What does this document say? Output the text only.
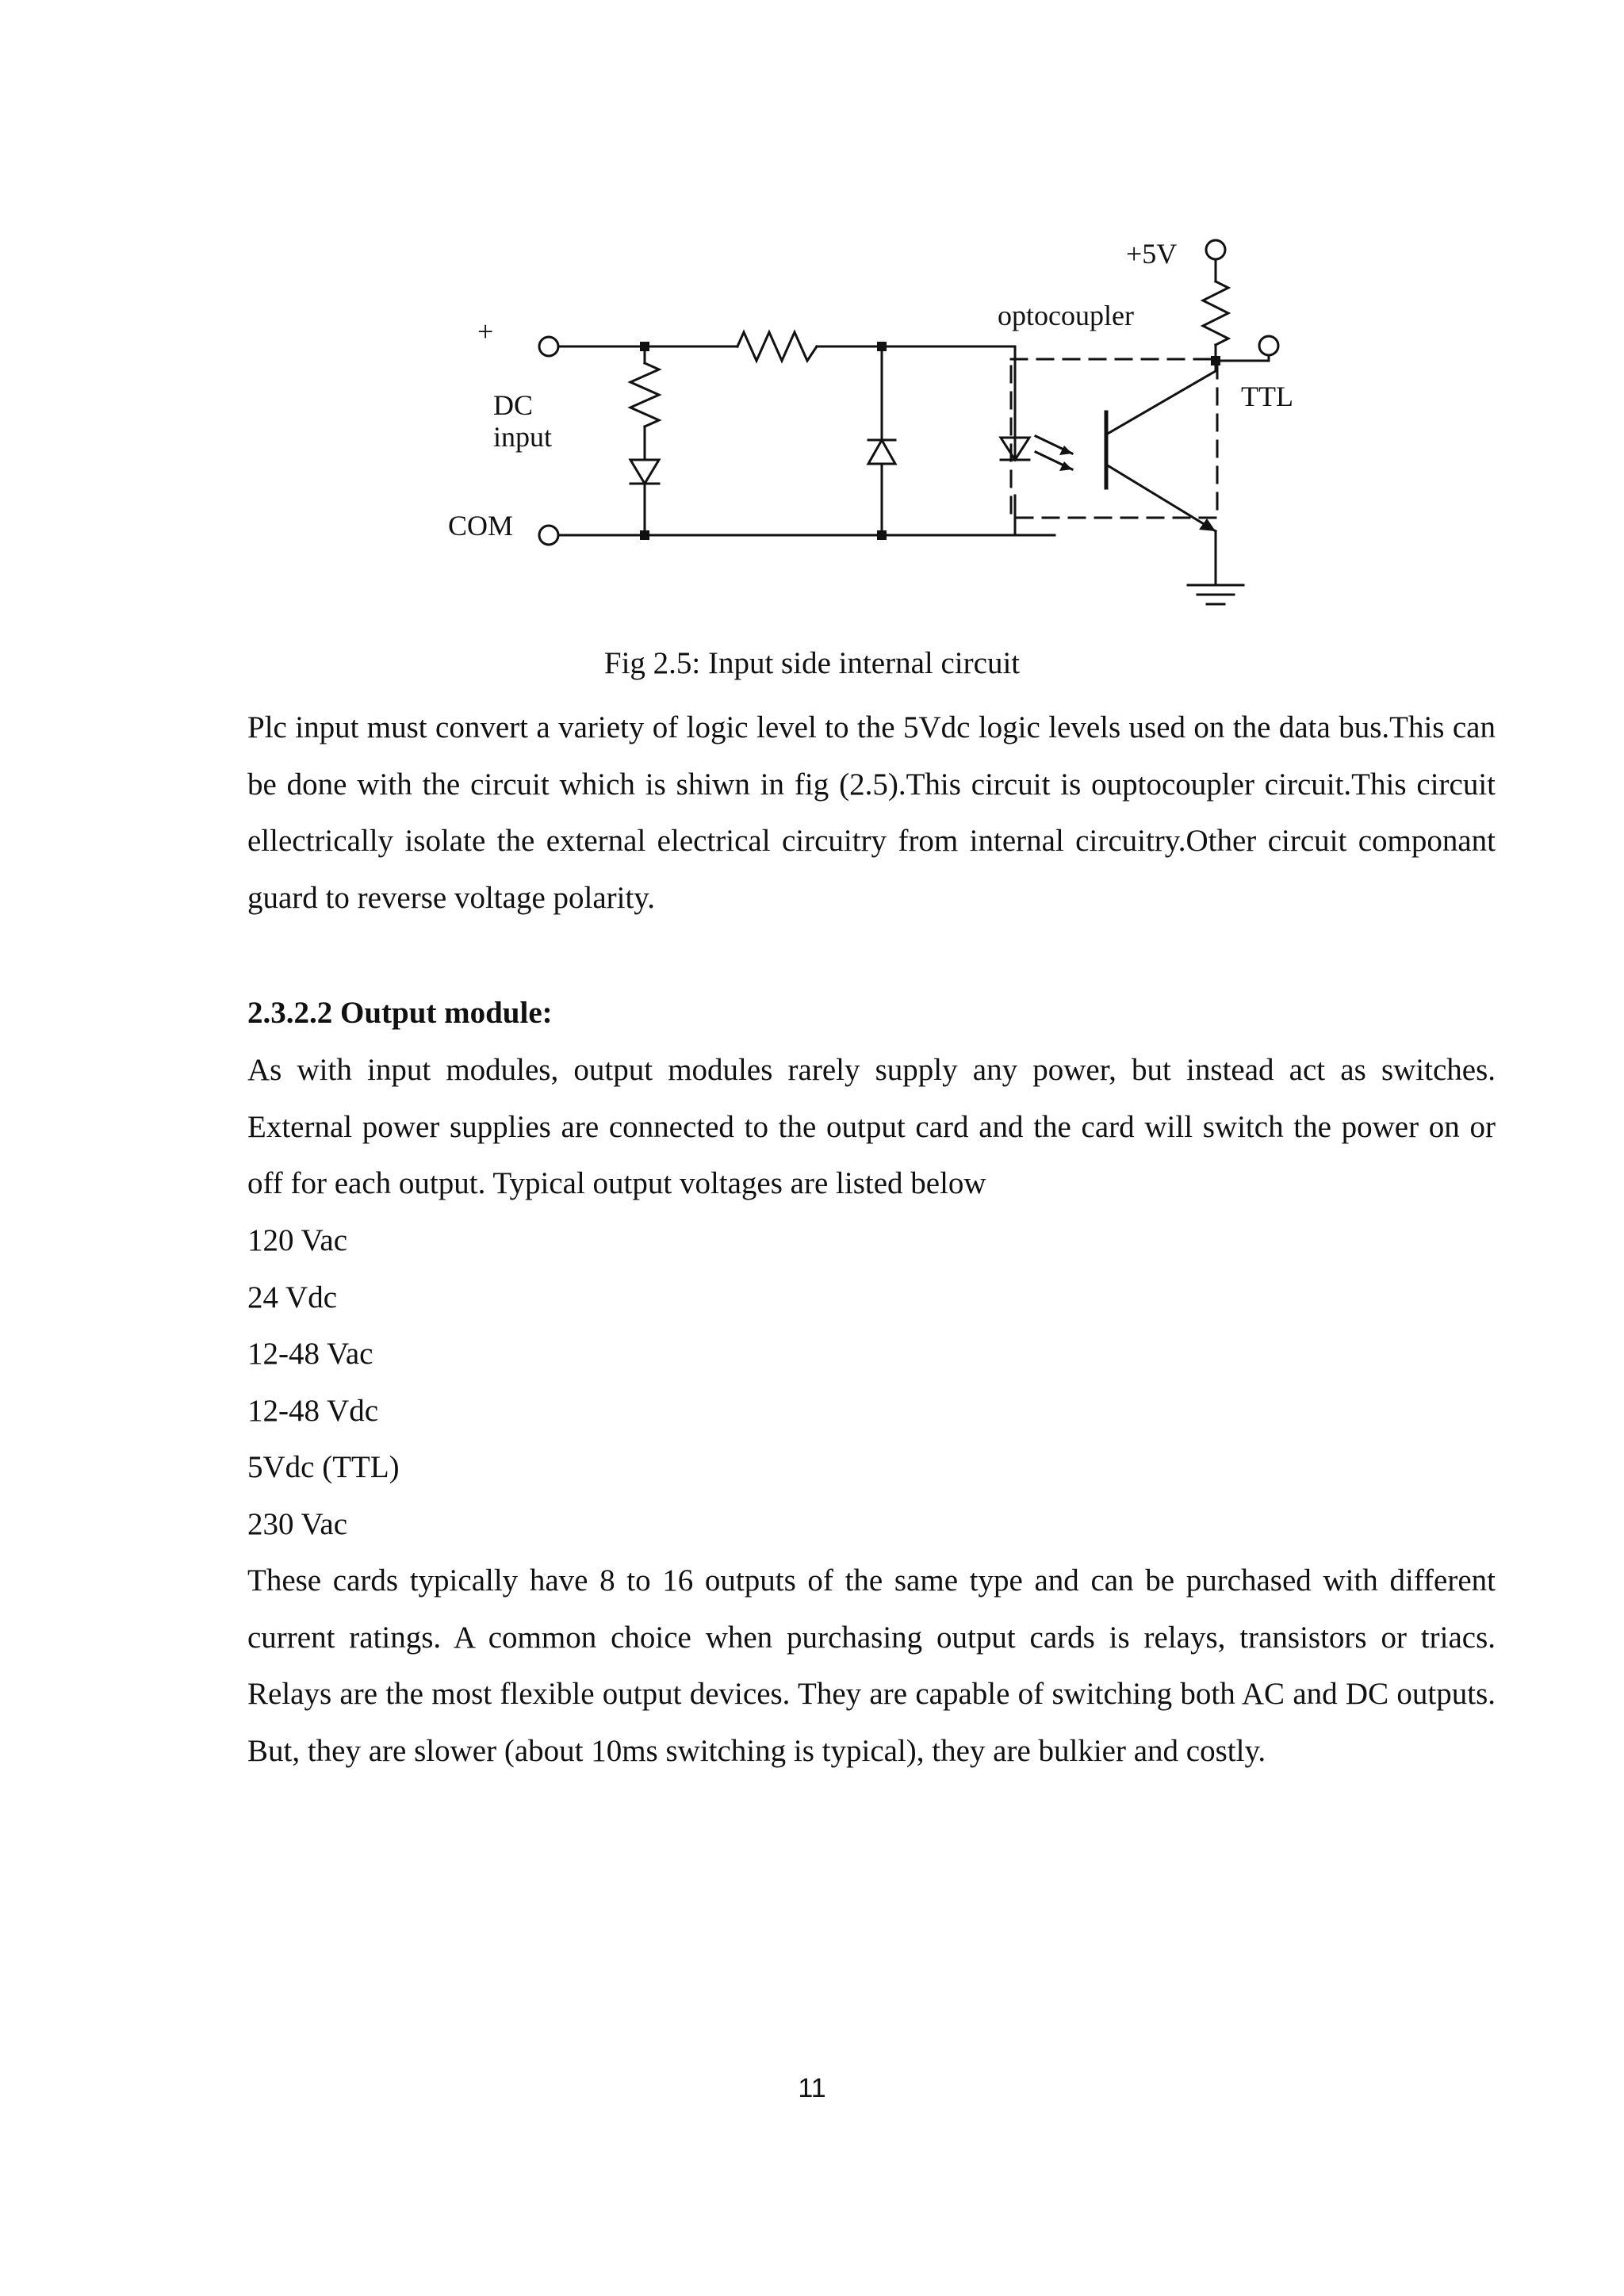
+
DC
input
COM
optocoupler
+5V
TTL
Fig 2.5: Input side internal circuit

Plc input must convert a variety of logic level to the 5Vdc logic levels used on the data bus.This can be done with the circuit which is shiwn in fig (2.5).This circuit is ouptocoupler circuit.This circuit ellectrically isolate the external electrical circuitry from internal circuitry.Other circuit componant guard to reverse voltage polarity.

2.3.2.2 Output module:

As with input modules, output modules rarely supply any power, but instead act as switches. External power supplies are connected to the output card and the card will switch the power on or off for each output. Typical output voltages are listed below

120 Vac
24 Vdc
12-48 Vac
12-48 Vdc
5Vdc (TTL)
230 Vac

These cards typically have 8 to 16 outputs of the same type and can be purchased with different current ratings. A common choice when purchasing output cards is relays, transistors or triacs. Relays are the most flexible output devices. They are capable of switching both AC and DC outputs. But, they are slower (about 10ms switching is typical), they are bulkier and costly.

11
